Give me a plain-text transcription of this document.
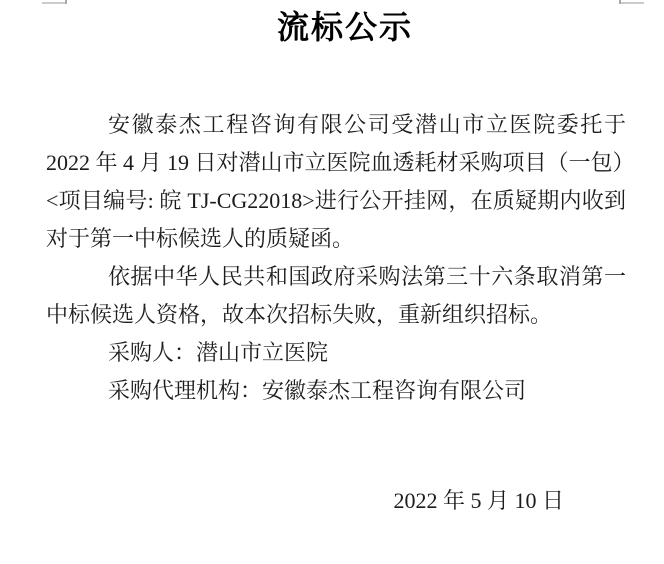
流标公示
安徽泰杰工程咨询有限公司受潜山市立医院委托于
2022 年 4 月 19 日对潜山市立医院血透耗材采购项目（一包）
<项目编号: 皖 TJ-CG22018>进行公开挂网，在质疑期内收到
对于第一中标候选人的质疑函。
依据中华人民共和国政府采购法第三十六条取消第一
中标候选人资格，故本次招标失败，重新组织招标。
采购人：潜山市立医院
采购代理机构：安徽泰杰工程咨询有限公司
2022 年 5 月 10 日
